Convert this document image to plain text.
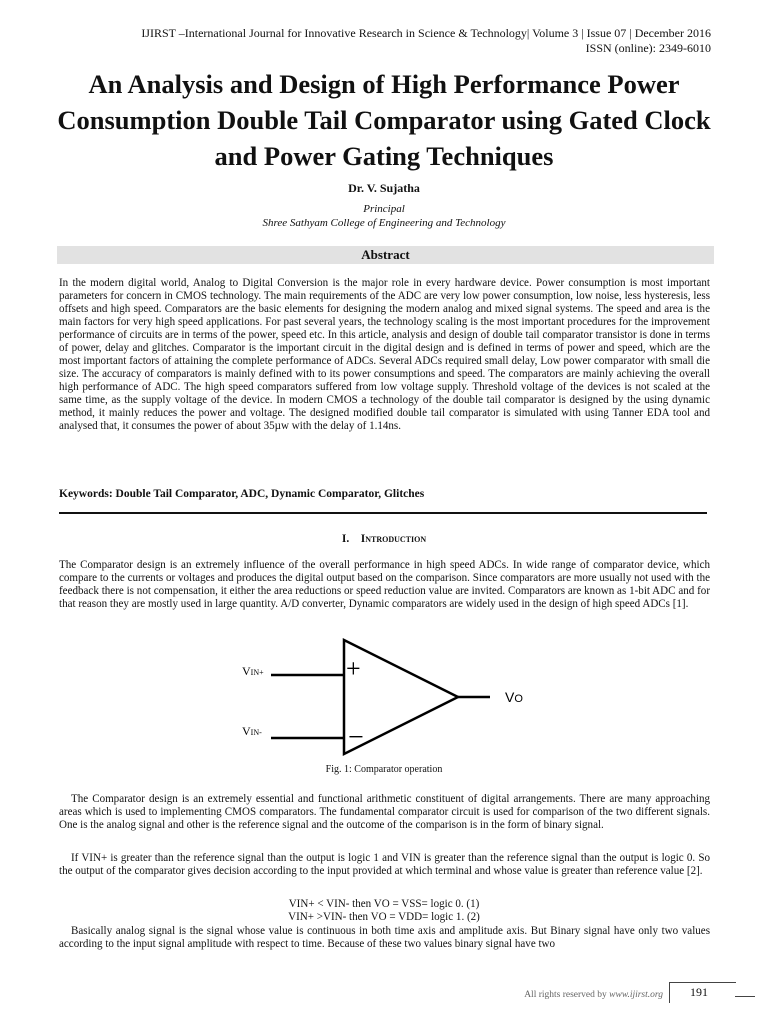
IJIRST –International Journal for Innovative Research in Science & Technology| Volume 3 | Issue 07 | December 2016
ISSN (online): 2349-6010
An Analysis and Design of High Performance Power Consumption Double Tail Comparator using Gated Clock and Power Gating Techniques
Dr. V. Sujatha
Principal
Shree Sathyam College of Engineering and Technology
Abstract

In the modern digital world, Analog to Digital Conversion is the major role in every hardware device. Power consumption is most important parameters for concern in CMOS technology. The main requirements of the ADC are very low power consumption, low noise, less hysteresis, less offsets and high speed. Comparators are the basic elements for designing the modern analog and mixed signal systems. The speed and area is the main factors for very high speed applications. For past several years, the technology scaling is the most important procedures for the improvement performance of circuits are in terms of the power, speed etc. In this article, analysis and design of double tail comparator transistor is done in terms of power, delay and glitches. Comparator is the important circuit in the digital design and is defined in terms of power and speed, which are the most important factors of attaining the complete performance of ADCs. Several ADCs required small delay, Low power comparator with small die size. The accuracy of comparators is mainly defined with to its power consumptions and speed. The comparators are mainly achieving the overall high performance of ADC. The high speed comparators suffered from low voltage supply. Threshold voltage of the devices is not scaled at the same time, as the supply voltage of the device. In modern CMOS a technology of the double tail comparator is designed by the using dynamic method, it mainly reduces the power and voltage. The designed modified double tail comparator is simulated with using Tanner EDA tool and analysed that, it consumes the power of about 35µw with the delay of 1.14ns.

Keywords: Double Tail Comparator, ADC, Dynamic Comparator, Glitches
I. Introduction

The Comparator design is an extremely influence of the overall performance in high speed ADCs. In wide range of comparator device, which compare to the currents or voltages and produces the digital output based on the comparison. Since comparators are more usually not used with the feedback there is not compensation, it either the area reductions or speed reduction value are invited. Comparators are known as 1-bit ADC and for that reason they are mostly used in large quantity. A/D converter, Dynamic comparators are widely used in the design of high speed ADCs [1].

+
−
VIN+
VIN-
VO
Fig. 1: Comparator operation

The Comparator design is an extremely essential and functional arithmetic constituent of digital arrangements. There are many approaching areas which is used to implementing CMOS comparators. The fundamental comparator circuit is used for comparison of the two different signals. One is the analog signal and other is the reference signal and the outcome of the comparison is in the form of binary signal.

If VIN+ is greater than the reference signal than the output is logic 1 and VIN is greater than the reference signal than the output is logic 0. So the output of the comparator gives decision according to the input provided at which terminal and whose value is greater than reference value [2].

VIN+ < VIN- then VO = VSS= logic 0. (1)
VIN+ >VIN- then VO = VDD= logic 1. (2)

Basically analog signal is the signal whose value is continuous in both time axis and amplitude axis. But Binary signal have only two values according to the input signal amplitude with respect to time. Because of these two values binary signal have two

All rights reserved by www.ijirst.org 191
